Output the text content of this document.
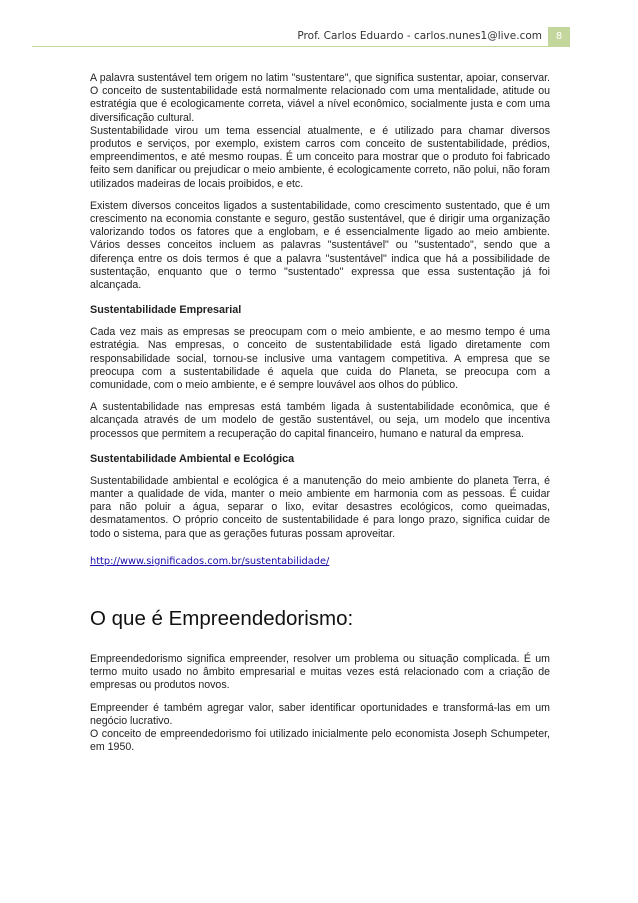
Prof. Carlos Eduardo - carlos.nunes1@live.com	8

A palavra sustentável tem origem no latim "sustentare", que significa sustentar, apoiar, conservar. O conceito de sustentabilidade está normalmente relacionado com uma mentalidade, atitude ou estratégia que é ecologicamente correta, viável a nível econômico, socialmente justa e com uma diversificação cultural.

Sustentabilidade virou um tema essencial atualmente, e é utilizado para chamar diversos produtos e serviços, por exemplo, existem carros com conceito de sustentabilidade, prédios, empreendimentos, e até mesmo roupas. É um conceito para mostrar que o produto foi fabricado feito sem danificar ou prejudicar o meio ambiente, é ecologicamente correto, não polui, não foram utilizados madeiras de locais proibidos, e etc.

Existem diversos conceitos ligados a sustentabilidade, como crescimento sustentado, que é um crescimento na economia constante e seguro, gestão sustentável, que é dirigir uma organização valorizando todos os fatores que a englobam, e é essencialmente ligado ao meio ambiente. Vários desses conceitos incluem as palavras "sustentável" ou "sustentado", sendo que a diferença entre os dois termos é que a palavra "sustentável" indica que há a possibilidade de sustentação, enquanto que o termo "sustentado" expressa que essa sustentação já foi alcançada.

Sustentabilidade Empresarial

Cada vez mais as empresas se preocupam com o meio ambiente, e ao mesmo tempo é uma estratégia. Nas empresas, o conceito de sustentabilidade está ligado diretamente com responsabilidade social, tornou-se inclusive uma vantagem competitiva. A empresa que se preocupa com a sustentabilidade é aquela que cuida do Planeta, se preocupa com a comunidade, com o meio ambiente, e é sempre louvável aos olhos do público.

A sustentabilidade nas empresas está também ligada à sustentabilidade econômica, que é alcançada através de um modelo de gestão sustentável, ou seja, um modelo que incentiva processos que permitem a recuperação do capital financeiro, humano e natural da empresa.

Sustentabilidade Ambiental e Ecológica

Sustentabilidade ambiental e ecológica é a manutenção do meio ambiente do planeta Terra, é manter a qualidade de vida, manter o meio ambiente em harmonia com as pessoas. É cuidar para não poluir a água, separar o lixo, evitar desastres ecológicos, como queimadas, desmatamentos. O próprio conceito de sustentabilidade é para longo prazo, significa cuidar de todo o sistema, para que as gerações futuras possam aproveitar.

http://www.significados.com.br/sustentabilidade/
O que é Empreendedorismo:

Empreendedorismo significa empreender, resolver um problema ou situação complicada. É um termo muito usado no âmbito empresarial e muitas vezes está relacionado com a criação de empresas ou produtos novos.

Empreender é também agregar valor, saber identificar oportunidades e transformá-las em um negócio lucrativo.

O conceito de empreendedorismo foi utilizado inicialmente pelo economista Joseph Schumpeter, em 1950.
